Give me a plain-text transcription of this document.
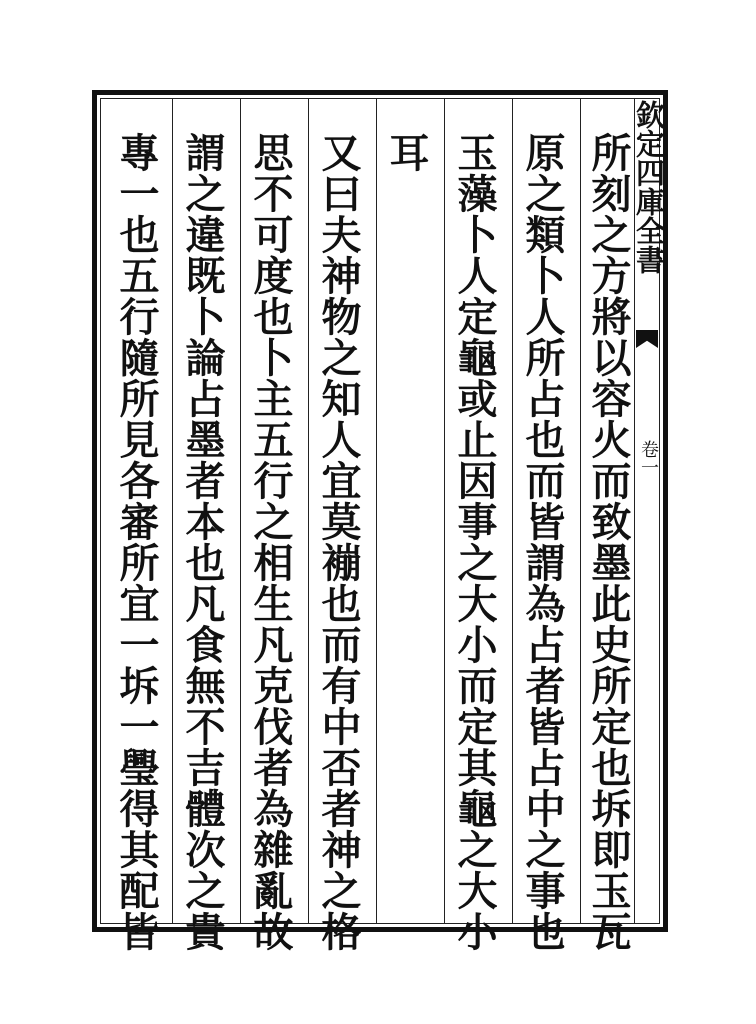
欽定四庫全書
卷一
所刻之方將以容火而致墨此史所定也坼即玉瓦
原之類卜人所占也而皆謂為占者皆占中之事也
玉藻卜人定龜或止因事之大小而定其龜之大小
耳
又曰夫神物之知人宜莫䙖也而有中否者神之格
思不可度也卜主五行之相生凡克伐者為雜亂故
謂之違既卜論占墨者本也凡食無不吉體次之貴
專一也五行隨所見各審所宜一坼一璺得其配皆
